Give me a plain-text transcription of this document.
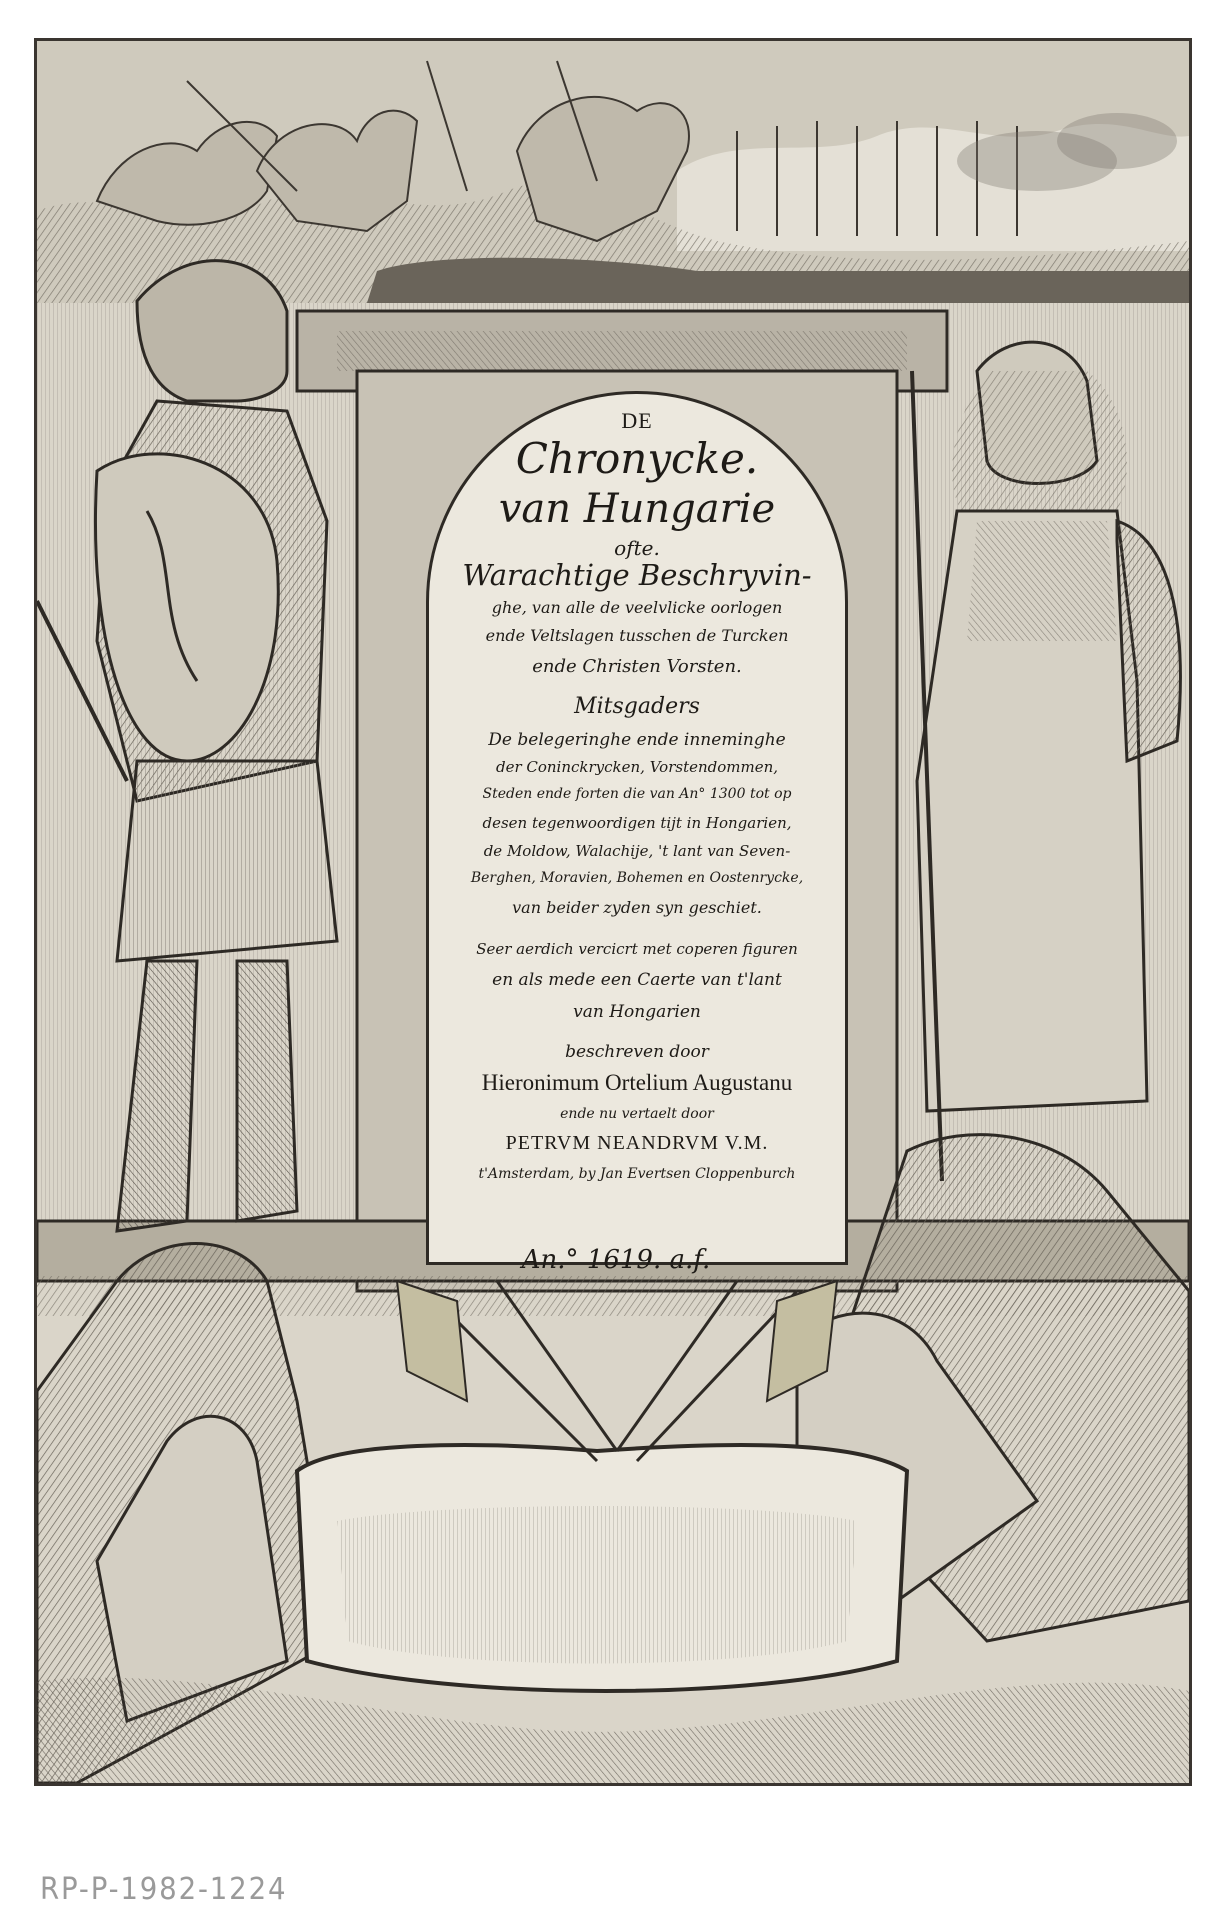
DE
Chronycke.
van Hungarie
ofte.
Warachtige Beschryvin-
ghe, van alle de veelvlicke oorlogen
ende Veltslagen tusschen de Turcken
ende Christen Vorsten.
Mitsgaders
De belegeringhe ende inneminghe
der Coninckrycken, Vorstendommen,
Steden ende forten die van An° 1300 tot op
desen tegenwoordigen tijt in Hongarien,
de Moldow, Walachije, 't lant van Seven-
Berghen, Moravien, Bohemen en Oostenrycke,
van beider zyden syn geschiet.
Seer aerdich vercicrt met coperen figuren
en als mede een Caerte van t'lant
van Hongarien
beschreven door
Hieronimum Ortelium Augustanu
ende nu vertaelt door
PETRVM NEANDRVM V.M.
t'Amsterdam, by Jan Evertsen Cloppenburch
An.° 1619. a.f.
RP-P-1982-1224
